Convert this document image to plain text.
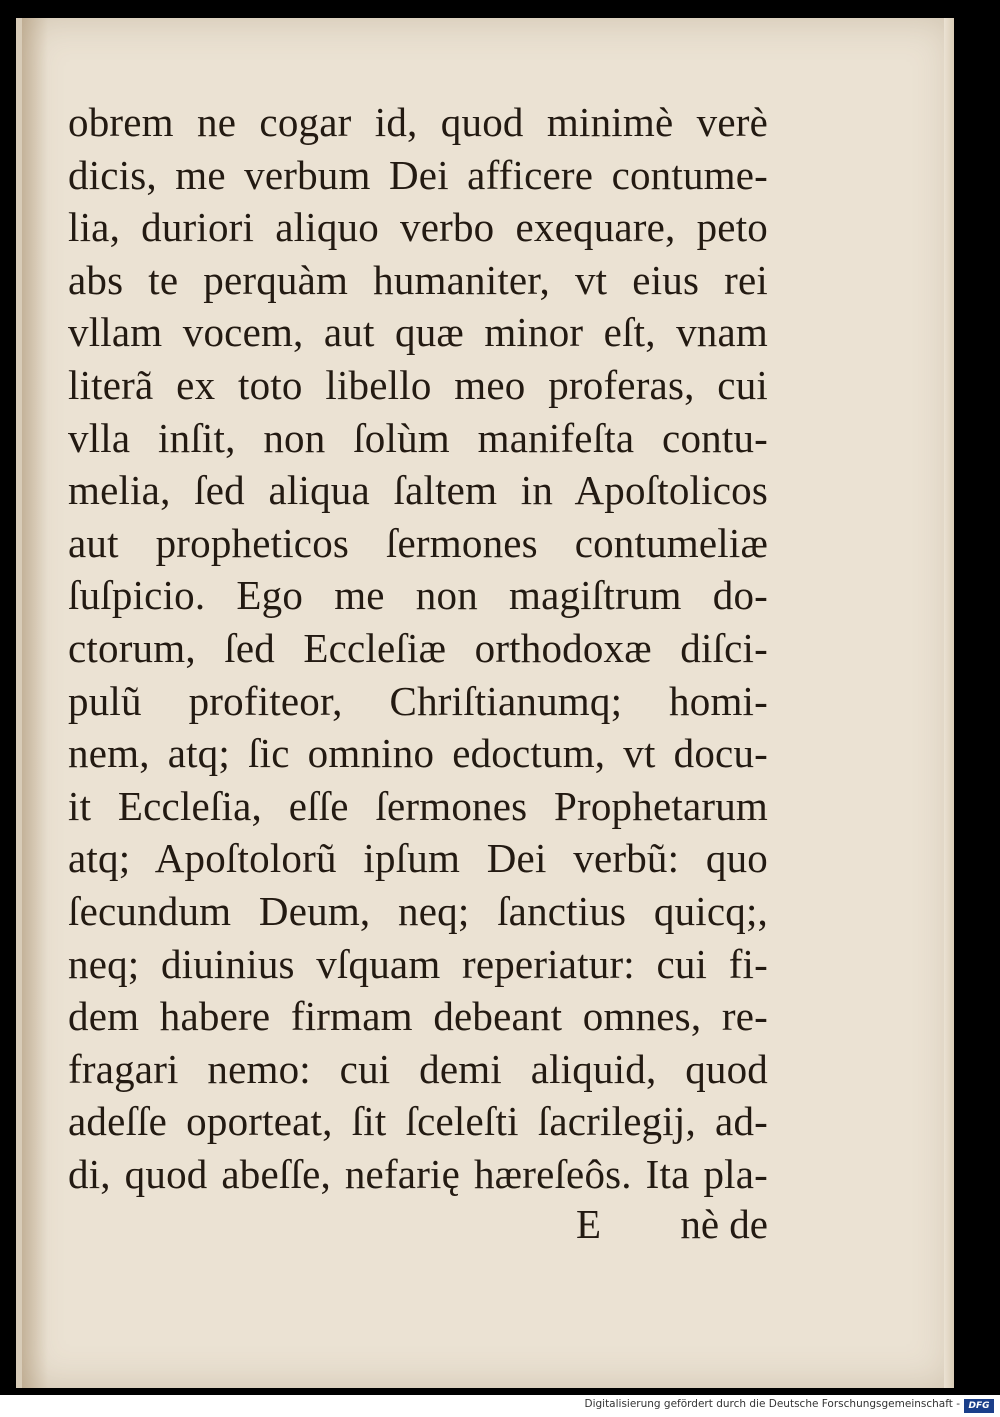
obrem ne cogar id, quod minimè verè
dicis, me verbum Dei afficere contume-
lia, duriori aliquo verbo exequare, peto
abs te perquàm humaniter, vt eius rei
vllam vocem, aut quæ minor eſt, vnam
literã ex toto libello meo proferas, cui
vlla inſit, non ſolùm manifeſta contu-
melia, ſed aliqua ſaltem in Apoſtolicos
aut propheticos ſermones contumeliæ
ſuſpicio. Ego me non magiſtrum do-
ctorum, ſed Eccleſiæ orthodoxæ diſci-
pulũ profiteor, Chriſtianumq; homi-
nem, atq; ſic omnino edoctum, vt docu-
it Eccleſia, eſſe ſermones Prophetarum
atq; Apoſtolorũ ipſum Dei verbũ: quo
ſecundum Deum, neq; ſanctius quicq;,
neq; diuinius vſquam reperiatur: cui fi-
dem habere firmam debeant omnes, re-
fragari nemo: cui demi aliquid, quod
adeſſe oporteat, ſit ſceleſti ſacrilegij, ad-
di, quod abeſſe, nefarię hæreſeôs. Ita pla-
E nè de
Digitalisierung gefördert durch die Deutsche Forschungsgemeinschaft - DFG
